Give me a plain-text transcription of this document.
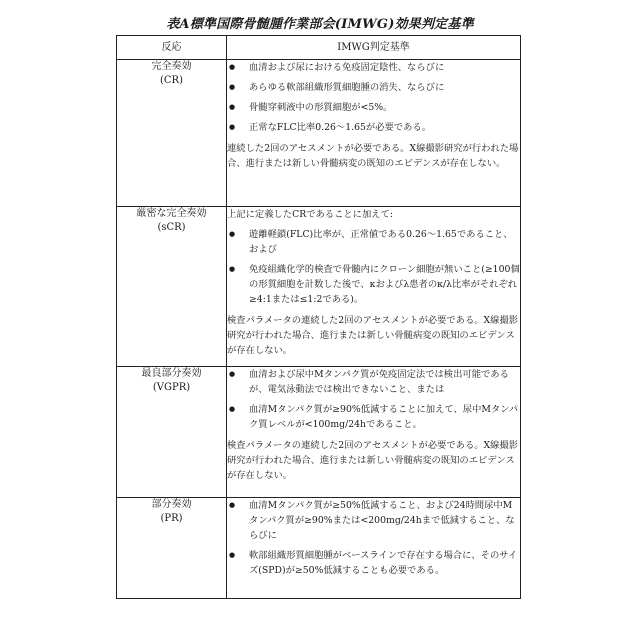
表A標準国際骨髄腫作業部会(IMWG)効果判定基準
反応	IMWG判定基準

完全奏効
(CR)

● 血清および尿における免疫固定陰性、ならびに
● あらゆる軟部組織形質細胞腫の消失、ならびに
● 骨髄穿刺液中の形質細胞が<5%。
● 正常なFLC比率0.26〜1.65が必要である。

連続した2回のアセスメントが必要である。X線撮影研究が行われた場合、進行または新しい骨髄病変の既知のエビデンスが存在しない。

厳密な完全奏効
(sCR)

上記に定義したCRであることに加えて:

● 遊離軽鎖(FLC)比率が、正常値である0.26〜1.65であること、および
● 免疫組織化学的検査で骨髄内にクローン細胞が無いこと(≥100個の形質細胞を計数した後で、κおよびλ患者のκ/λ比率がそれぞれ≥4:1または≤1:2である)。

検査パラメータの連続した2回のアセスメントが必要である。X線撮影研究が行われた場合、進行または新しい骨髄病変の既知のエビデンスが存在しない。

最良部分奏効
(VGPR)

● 血清および尿中Mタンパク質が免疫固定法では検出可能であるが、電気泳動法では検出できないこと、または
● 血清Mタンパク質が≥90%低減することに加えて、尿中Mタンパク質レベルが<100mg/24hであること。

検査パラメータの連続した2回のアセスメントが必要である。X線撮影研究が行われた場合、進行または新しい骨髄病変の既知のエビデンスが存在しない。

部分奏効
(PR)

● 血清Mタンパク質が≥50%低減すること、および24時間尿中Mタンパク質が≥90%または<200mg/24hまで低減すること、ならびに
● 軟部組織形質細胞腫がベースラインで存在する場合に、そのサイズ(SPD)が≥50%低減することも必要である。
